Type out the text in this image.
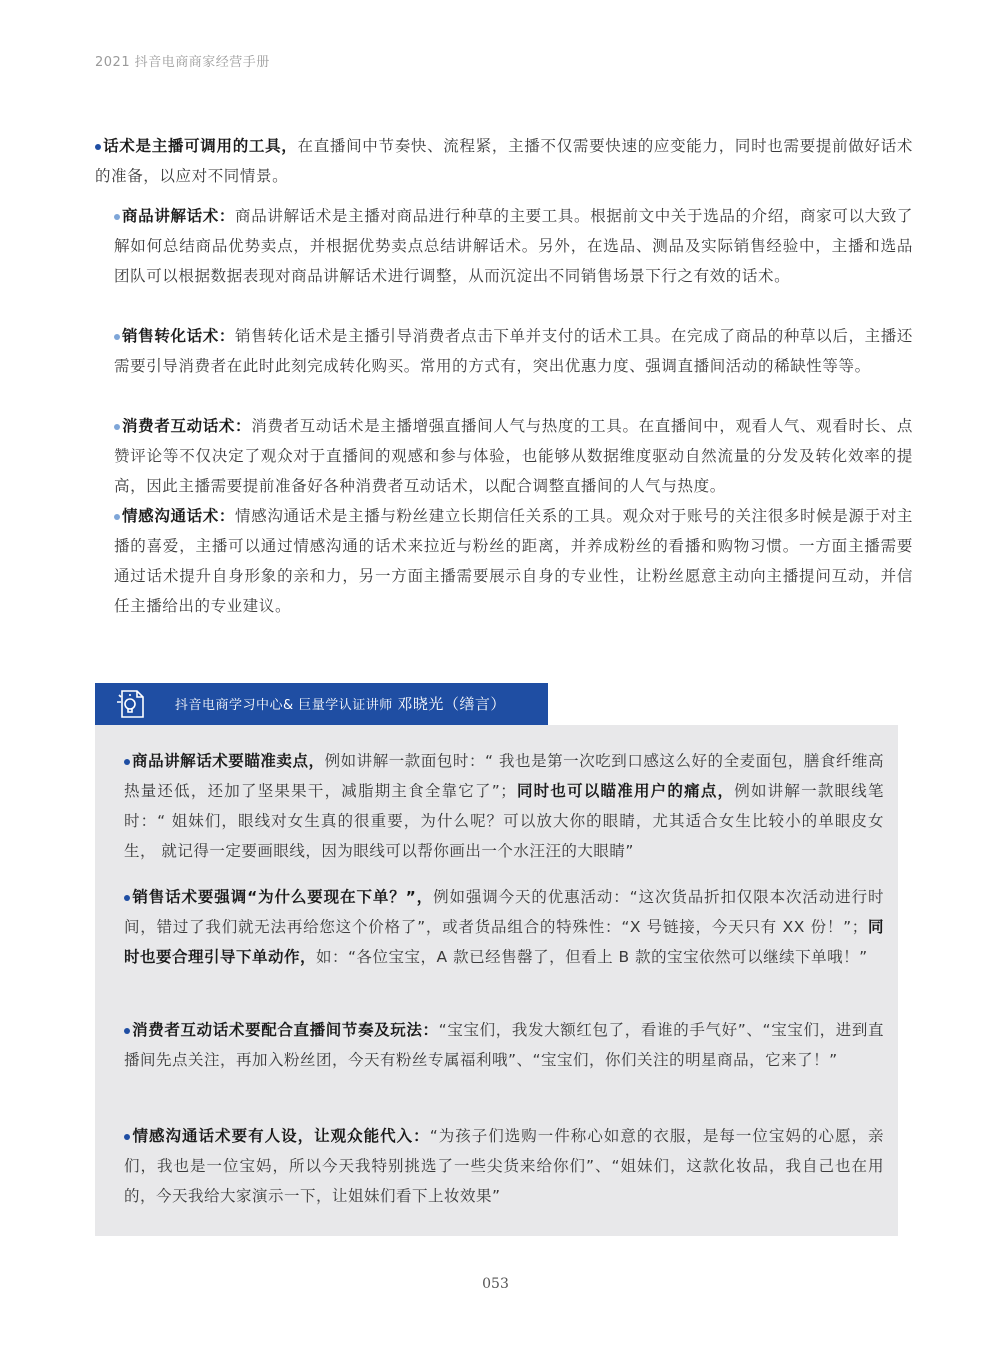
2021 抖音电商商家经营手册
话术是主播可调用的工具，在直播间中节奏快、流程紧，主播不仅需要快速的应变能力，同时也需要提前做好话术的准备，以应对不同情景。
商品讲解话术：商品讲解话术是主播对商品进行种草的主要工具。根据前文中关于选品的介绍，商家可以大致了解如何总结商品优势卖点，并根据优势卖点总结讲解话术。另外，在选品、测品及实际销售经验中，主播和选品团队可以根据数据表现对商品讲解话术进行调整，从而沉淀出不同销售场景下行之有效的话术。
销售转化话术：销售转化话术是主播引导消费者点击下单并支付的话术工具。在完成了商品的种草以后，主播还需要引导消费者在此时此刻完成转化购买。常用的方式有，突出优惠力度、强调直播间活动的稀缺性等等。
消费者互动话术：消费者互动话术是主播增强直播间人气与热度的工具。在直播间中，观看人气、观看时长、点赞评论等不仅决定了观众对于直播间的观感和参与体验，也能够从数据维度驱动自然流量的分发及转化效率的提高，因此主播需要提前准备好各种消费者互动话术，以配合调整直播间的人气与热度。
情感沟通话术：情感沟通话术是主播与粉丝建立长期信任关系的工具。观众对于账号的关注很多时候是源于对主播的喜爱，主播可以通过情感沟通的话术来拉近与粉丝的距离，并养成粉丝的看播和购物习惯。一方面主播需要通过话术提升自身形象的亲和力，另一方面主播需要展示自身的专业性，让粉丝愿意主动向主播提问互动，并信任主播给出的专业建议。
抖音电商学习中心& 巨量学认证讲师 邓晓光（缮言）
商品讲解话术要瞄准卖点，例如讲解一款面包时：“ 我也是第一次吃到口感这么好的全麦面包，膳食纤维高热量还低，还加了坚果果干，减脂期主食全靠它了”；同时也可以瞄准用户的痛点，例如讲解一款眼线笔时：“ 姐妹们，眼线对女生真的很重要，为什么呢？可以放大你的眼睛，尤其适合女生比较小的单眼皮女生， 就记得一定要画眼线，因为眼线可以帮你画出一个水汪汪的大眼睛”
销售话术要强调“为什么要现在下单？”，例如强调今天的优惠活动：“这次货品折扣仅限本次活动进行时间，错过了我们就无法再给您这个价格了”，或者货品组合的特殊性：“X 号链接，今天只有 XX 份！”；同时也要合理引导下单动作，如：“各位宝宝，A 款已经售罄了，但看上 B 款的宝宝依然可以继续下单哦！”
消费者互动话术要配合直播间节奏及玩法：“宝宝们，我发大额红包了，看谁的手气好”、“宝宝们，进到直播间先点关注，再加入粉丝团，今天有粉丝专属福利哦”、“宝宝们，你们关注的明星商品，它来了！”
情感沟通话术要有人设，让观众能代入：“为孩子们选购一件称心如意的衣服，是每一位宝妈的心愿，亲们，我也是一位宝妈，所以今天我特别挑选了一些尖货来给你们”、“姐妹们，这款化妆品，我自己也在用的，今天我给大家演示一下，让姐妹们看下上妆效果”
053
